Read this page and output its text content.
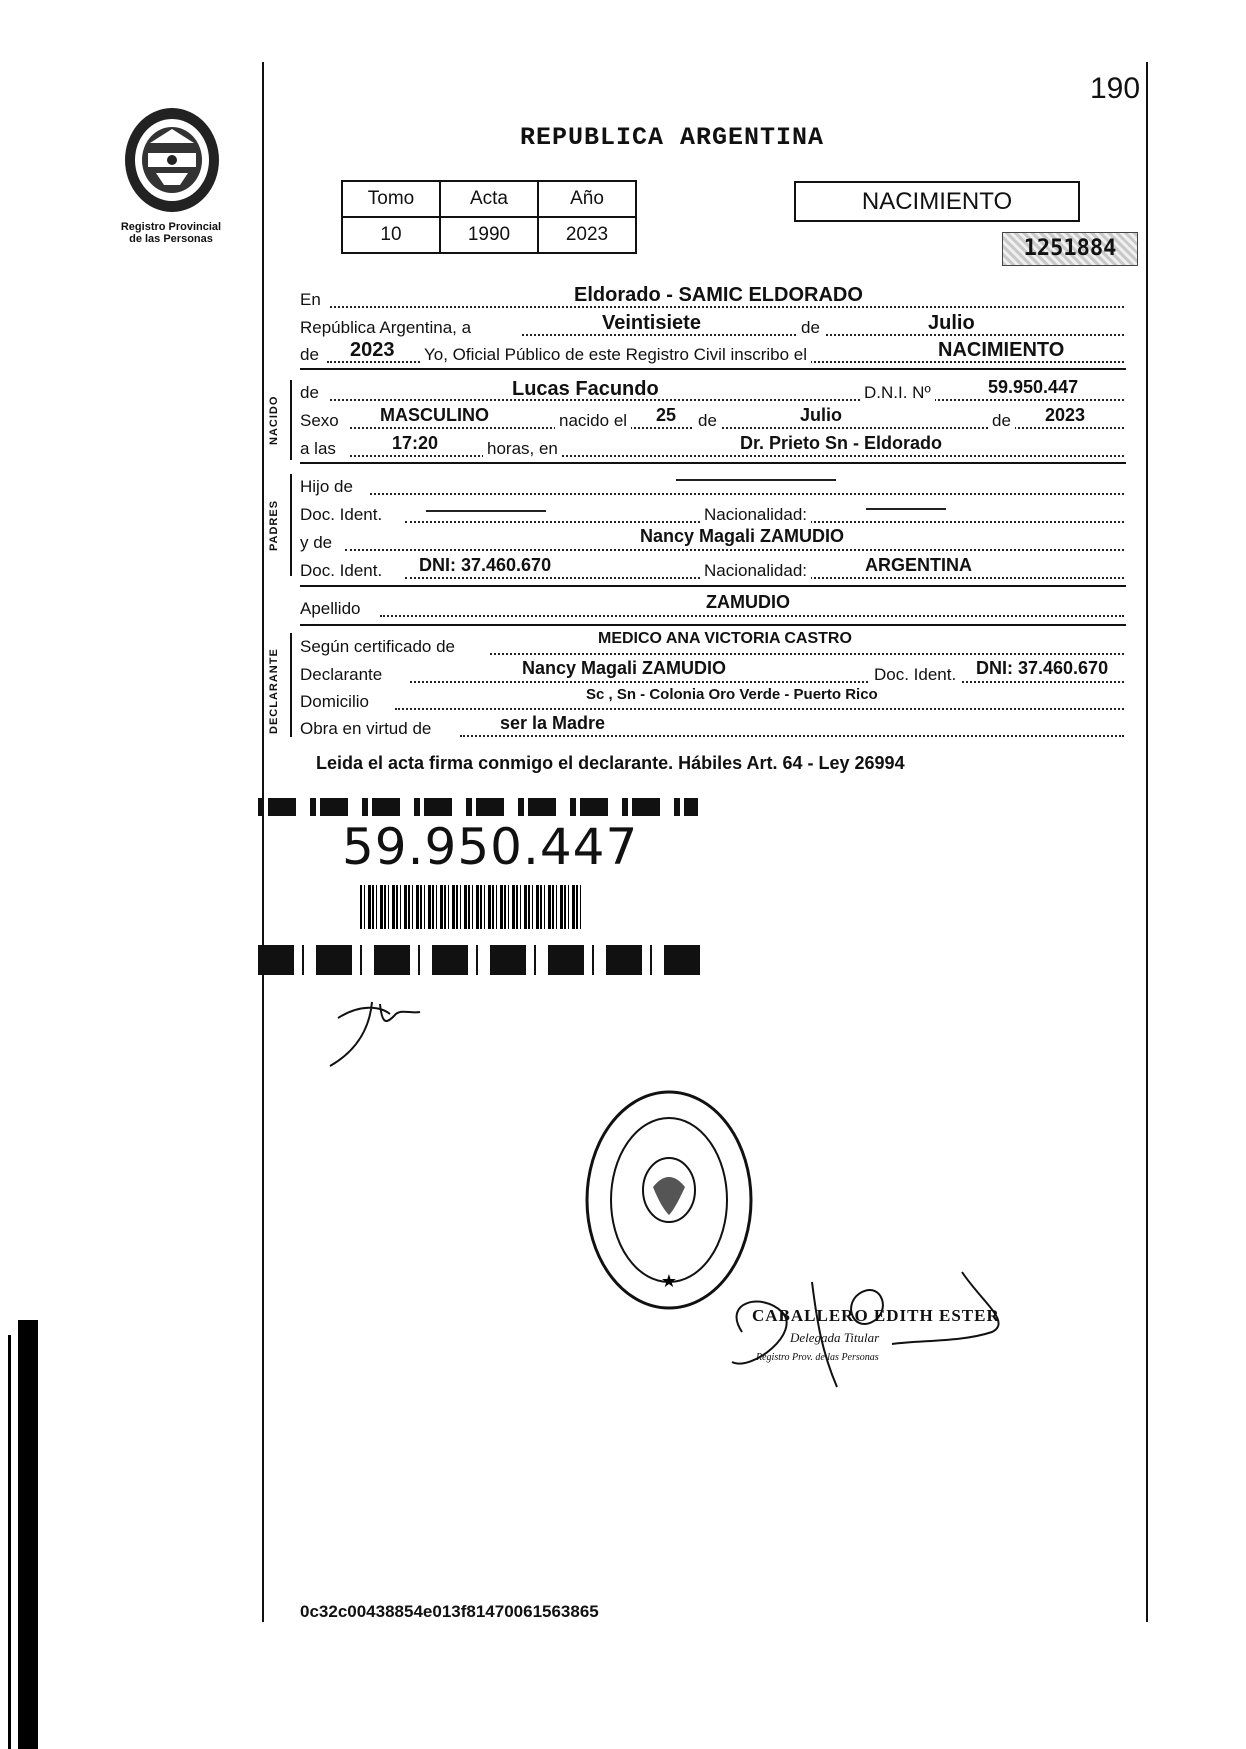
190
Registro Provincial
de las Personas
REPUBLICA ARGENTINA
Tomo	Acta	Año
10	1990	2023
NACIMIENTO
1251884
En	Eldorado - SAMIC ELDORADO
República Argentina, a	Veintisiete	de	Julio
de 2023 Yo, Oficial Público de este Registro Civil inscribo el	NACIMIENTO
NACIDO
de	Lucas Facundo	D.N.I. Nº	59.950.447
Sexo MASCULINO	nacido el 25 de	Julio	de 2023
a las	17:20	horas, en	Dr. Prieto Sn - Eldorado
PADRES
Hijo de
Doc. Ident.	Nacionalidad:
y de	Nancy Magali ZAMUDIO
Doc. Ident. DNI: 37.460.670	Nacionalidad:	ARGENTINA
Apellido	ZAMUDIO
DECLARANTE
Según certificado de	MEDICO ANA VICTORIA CASTRO
Declarante	Nancy Magali ZAMUDIO	Doc. Ident. DNI: 37.460.670
Domicilio	Sc , Sn - Colonia Oro Verde - Puerto Rico
Obra en virtud de	ser la Madre
Leida el acta firma conmigo el declarante. Hábiles Art. 64 - Ley 26994
59.950.447
★
CABALLERO EDITH ESTER
Delegada Titular
Registro Prov. de las Personas
0c32c00438854e013f81470061563865
